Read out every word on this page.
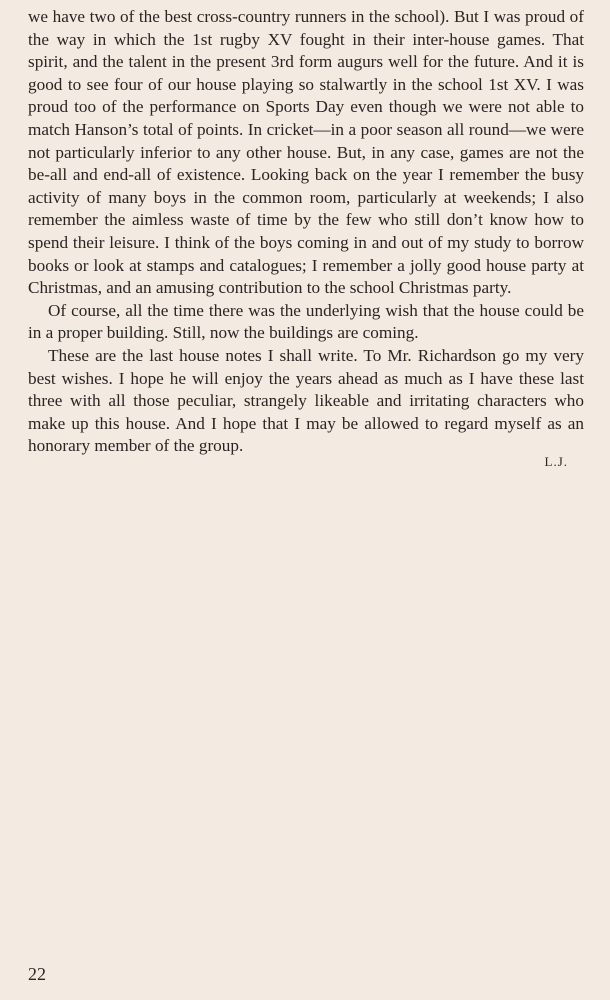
we have two of the best cross-country runners in the school). But I was proud of the way in which the 1st rugby XV fought in their inter-house games. That spirit, and the talent in the present 3rd form augurs well for the future. And it is good to see four of our house playing so stalwartly in the school 1st XV. I was proud too of the performance on Sports Day even though we were not able to match Hanson’s total of points. In cricket—in a poor season all round—we were not particularly inferior to any other house. But, in any case, games are not the be-all and end-all of existence. Looking back on the year I remember the busy activity of many boys in the common room, particularly at weekends; I also remember the aimless waste of time by the few who still don’t know how to spend their leisure. I think of the boys coming in and out of my study to borrow books or look at stamps and catalogues; I remember a jolly good house party at Christmas, and an amusing contribution to the school Christmas party.

Of course, all the time there was the underlying wish that the house could be in a proper building. Still, now the buildings are coming.

These are the last house notes I shall write. To Mr. Richardson go my very best wishes. I hope he will enjoy the years ahead as much as I have these last three with all those peculiar, strangely likeable and irritating characters who make up this house. And I hope that I may be allowed to regard myself as an honorary member of the group.

L.J.
22
